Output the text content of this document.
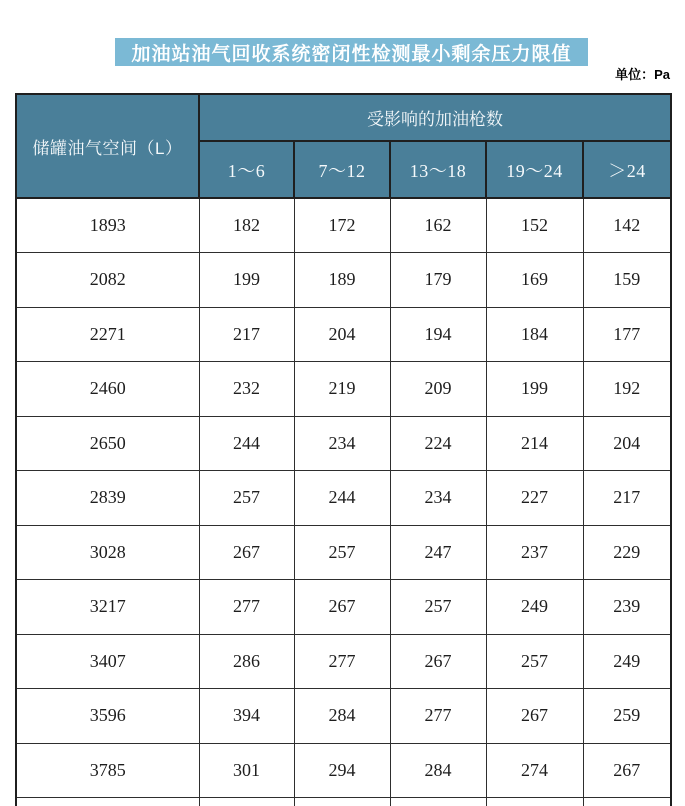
加油站油气回收系统密闭性检测最小剩余压力限值
单位：Pa
储罐油气空间（L）	受影响的加油枪数				
	1～6	7～12	13～18	19～24	＞24
1893	182	172	162	152	142
2082	199	189	179	169	159
2271	217	204	194	184	177
2460	232	219	209	199	192
2650	244	234	224	214	204
2839	257	244	234	227	217
3028	267	257	247	237	229
3217	277	267	257	249	239
3407	286	277	267	257	249
3596	394	284	277	267	259
3785	301	294	284	274	267
